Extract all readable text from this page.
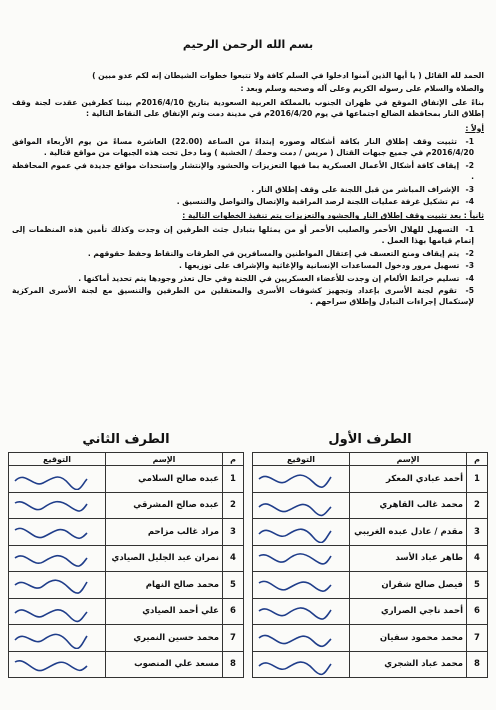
بسم الله الرحمن الرحيم

الحمد لله القائل ( يا أيها الذين آمنوا ادخلوا في السلم كافة ولا تتبعوا خطوات الشيطان إنه لكم عدو مبين )

والصلاة والسلام على رسوله الكريم وعلى آله وصحبه وسلم وبعد :

بناءً على الإتفاق الموقع في ظهران الجنوب بالمملكة العربية السعودية بتاريخ 2016/4/10م بيننا كطرفين عقدت لجنة وقف إطلاق النار بمحافظة الضالع اجتماعها في يوم 2016/4/20م في مدينة دمت وتم الإتفاق على النقاط التالية :

أولاً :
1- تثبيت وقف إطلاق النار بكافة أشكاله وصوره إبتداءً من الساعة (22.00) العاشرة مساءً من يوم الأربعاء الموافق 2016/4/20م في جميع جبهات القتال ( مريس / دمت وحمك / الخشبة ) وما دخل تحت هذه الجبهات من مواقع قتالية .
2- إيقاف كافة أشكال الأعمال العسكرية بما فيها التعزيزات والحشود والإنتشار وإستحداث مواقع جديدة في عموم المحافظة .
3- الإشراف المباشر من قبل اللجنة على وقف إطلاق النار .
4- تم تشكيل غرفة عمليات اللجنة لرصد المراقبة والإتصال والتواصل والتنسيق .
ثانياً : بعد تثبيت وقف إطلاق النار والحشود والتعزيزات يتم تنفيذ الخطوات التالية :
1- التسهيل للهلال الأحمر والصليب الأحمر أو من يمثلها بتبادل جثث الطرفين إن وجدت وكذلك تأمين هذه المنظمات إلى إتمام قيامها بهذا العمل .
2- يتم إيقاف ومنع التعسف في إعتقال المواطنين والمسافرين في الطرقات والنقاط وحفظ حقوقهم .
3- تسهيل مرور ودخول المساعدات الإنسانية والإغاثية والإشراف على توزيعها .
4- تسليم خرائط الألغام إن وجدت للأعضاء العسكريين في اللجنة وفي حال تعذر وجودها يتم تحديد أماكنها .
5- تقوم لجنة الأسرى بإعداد وتجهيز كشوفات الأسرى والمعتقلين من الطرفين والتنسيق مع لجنة الأسرى المركزية لإستكمال إجراءات التبادل وإطلاق سراحهم .
الطرف الأول
م	الإسم	التوقيع
1	أحمد عبادي المعكر	

2	محمد غالب القاهري	

3	مقدم / عادل عبده الغريبي	

4	طاهر عباد الأسد	

5	فيصل صالح شقران	

6	أحمد ناجي الصراري	

7	محمد محمود سفيان	

8	محمد عباد الشجري	
الطرف الثاني
م	الإسم	التوقيع
1	عبده صالح السلامي	

2	عبده صالح المشرقي	

3	مراد غالب مزاحم	

4	نمران عبد الجليل الصيادي	

5	محمد صالح النهام	

6	علي أحمد الصيادي	

7	محمد حسين النميري	

8	مسعد علي المنصوب	
